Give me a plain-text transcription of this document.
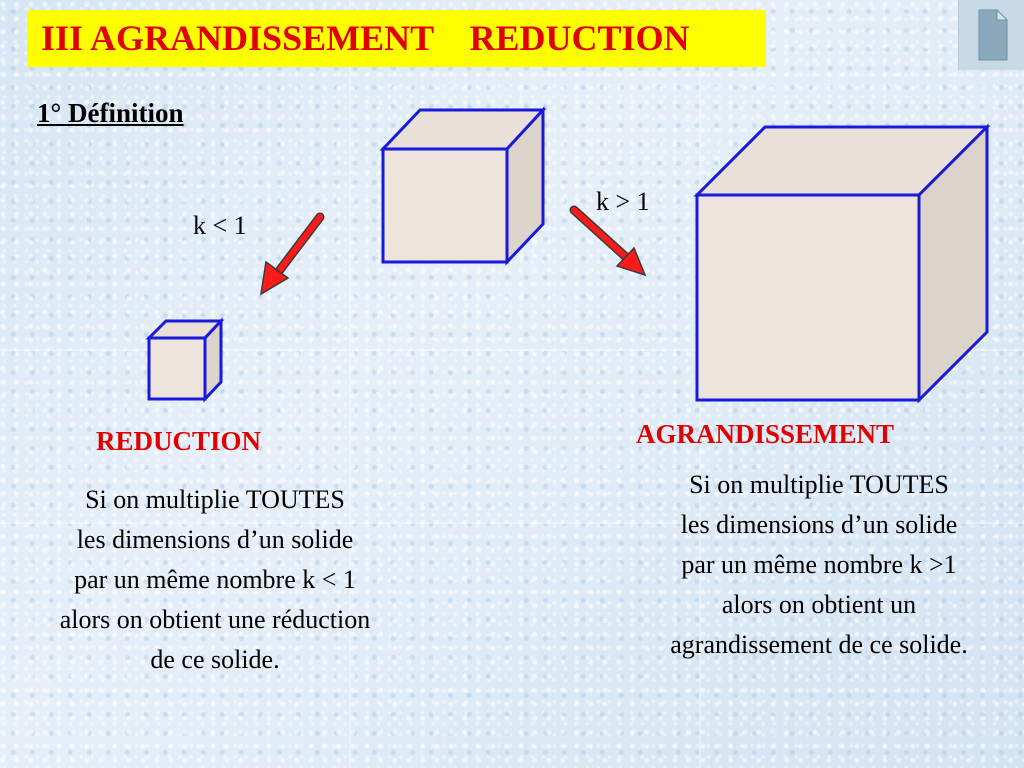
III AGRANDISSEMENT REDUCTION
1° Définition
k < 1
k > 1
REDUCTION
Si on multiplie TOUTES
les dimensions d’un solide
par un même nombre k < 1
alors on obtient une réduction
de ce solide.
AGRANDISSEMENT
Si on multiplie TOUTES
les dimensions d’un solide
par un même nombre k >1
alors on obtient un
agrandissement de ce solide.
